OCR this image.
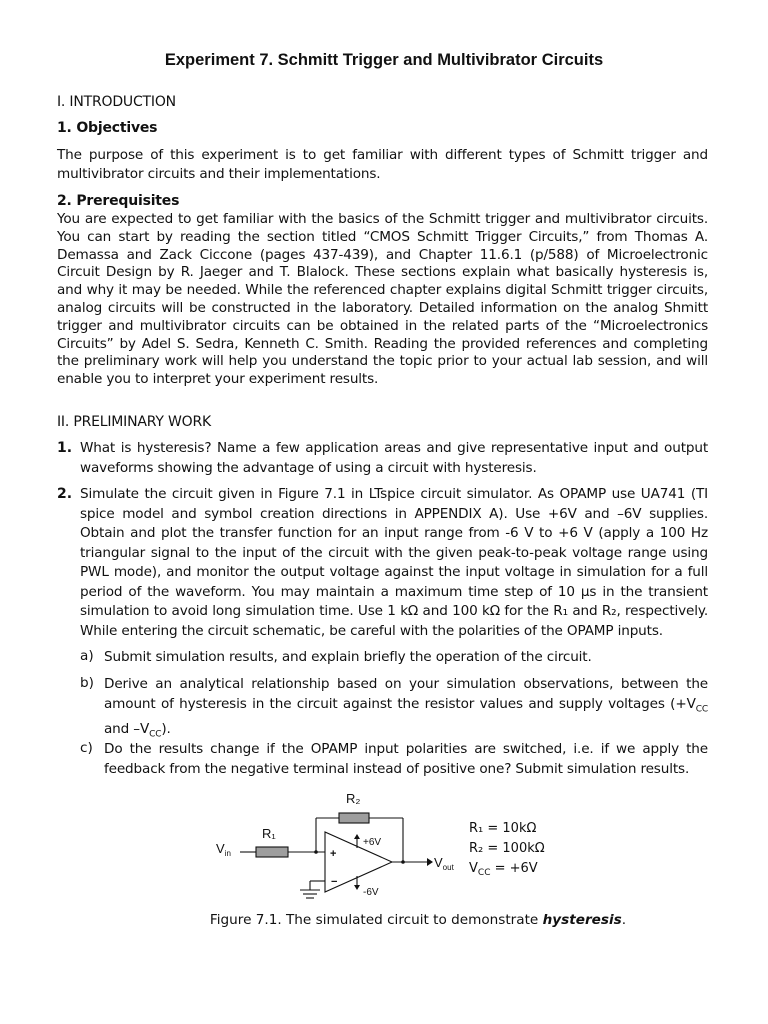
Experiment 7. Schmitt Trigger and Multivibrator Circuits
I. INTRODUCTION
1. Objectives
The purpose of this experiment is to get familiar with different types of Schmitt trigger and multivibrator circuits and their implementations.
2. Prerequisites
You are expected to get familiar with the basics of the Schmitt trigger and multivibrator circuits. You can start by reading the section titled “CMOS Schmitt Trigger Circuits,” from Thomas A. Demassa and Zack Ciccone (pages 437-439), and Chapter 11.6.1 (p/588) of Microelectronic Circuit Design by R. Jaeger and T. Blalock. These sections explain what basically hysteresis is, and why it may be needed. While the referenced chapter explains digital Schmitt trigger circuits, analog circuits will be constructed in the laboratory. Detailed information on the analog Shmitt trigger and multivibrator circuits can be obtained in the related parts of the “Microelectronics Circuits” by Adel S. Sedra, Kenneth C. Smith. Reading the provided references and completing the preliminary work will help you understand the topic prior to your actual lab session, and will enable you to interpret your experiment results.
II. PRELIMINARY WORK
1. What is hysteresis? Name a few application areas and give representative input and output waveforms showing the advantage of using a circuit with hysteresis.
2. Simulate the circuit given in Figure 7.1 in LTspice circuit simulator. As OPAMP use UA741 (TI spice model and symbol creation directions in APPENDIX A). Use +6V and –6V supplies. Obtain and plot the transfer function for an input range from -6 V to +6 V (apply a 100 Hz triangular signal to the input of the circuit with the given peak-to-peak voltage range using PWL mode), and monitor the output voltage against the input voltage in simulation for a full period of the waveform. You may maintain a maximum time step of 10 µs in the transient simulation to avoid long simulation time. Use 1 kΩ and 100 kΩ for the R₁ and R₂, respectively. While entering the circuit schematic, be careful with the polarities of the OPAMP inputs.
a) Submit simulation results, and explain briefly the operation of the circuit.
b) Derive an analytical relationship based on your simulation observations, between the amount of hysteresis in the circuit against the resistor values and supply voltages ($+V_{CC}$ and $-V_{CC}$).
c) Do the results change if the OPAMP input polarities are switched, i.e. if we apply the feedback from the negative terminal instead of positive one? Submit simulation results.
R₂
R₁
$V_{in}$
$V_{out}$
+6V
-6V
+
−
R₁ = 10kΩ
R₂ = 100kΩ
$V_{CC} = +6V$
Figure 7.1. The simulated circuit to demonstrate hysteresis.
